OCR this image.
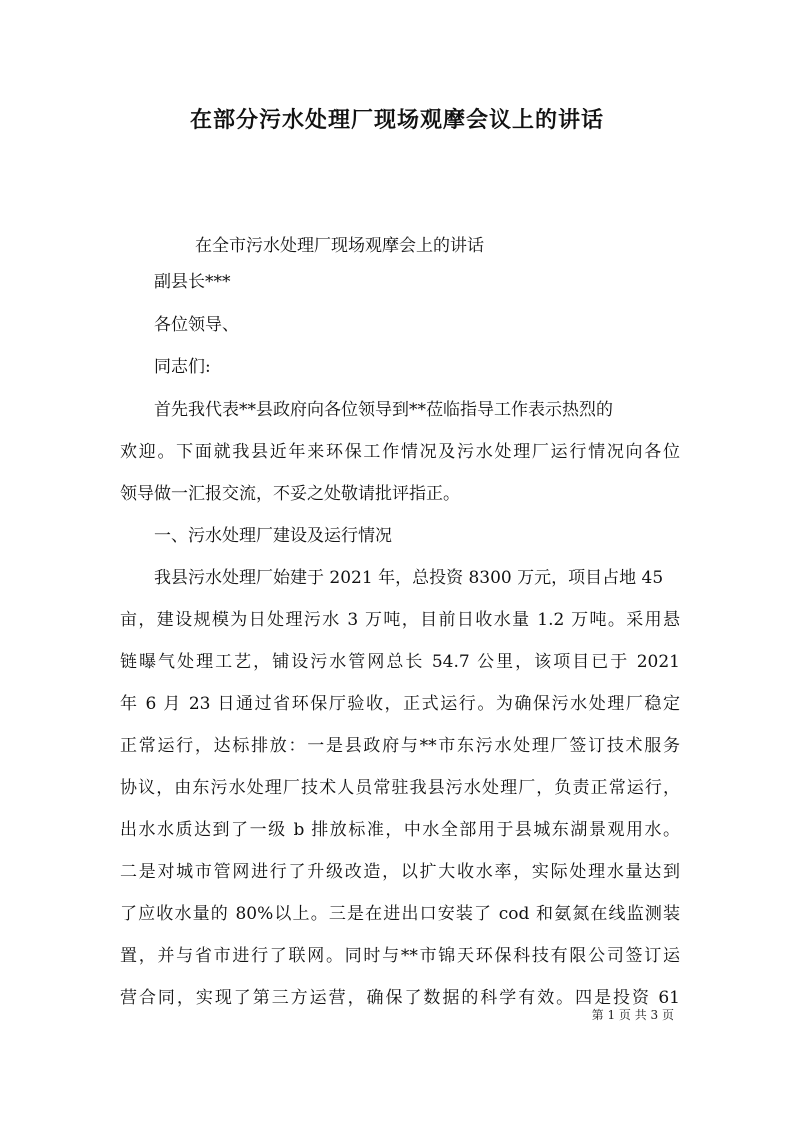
在部分污水处理厂现场观摩会议上的讲话
在全市污水处理厂现场观摩会上的讲话
副县长***
各位领导、
同志们:
首先我代表**县政府向各位领导到**莅临指导工作表示热烈的
欢迎。下面就我县近年来环保工作情况及污水处理厂运行情况向各位
领导做一汇报交流，不妥之处敬请批评指正。
一、污水处理厂建设及运行情况
我县污水处理厂始建于 2021 年，总投资 8300 万元，项目占地 45
亩，建设规模为日处理污水 3 万吨，目前日收水量 1.2 万吨。采用悬
链曝气处理工艺，铺设污水管网总长 54.7 公里，该项目已于 2021
年 6 月 23 日通过省环保厅验收，正式运行。为确保污水处理厂稳定
正常运行，达标排放：一是县政府与**市东污水处理厂签订技术服务
协议，由东污水处理厂技术人员常驻我县污水处理厂，负责正常运行，
出水水质达到了一级 b 排放标准，中水全部用于县城东湖景观用水。
二是对城市管网进行了升级改造，以扩大收水率，实际处理水量达到
了应收水量的 80%以上。三是在进出口安装了 cod 和氨氮在线监测装
置，并与省市进行了联网。同时与**市锦天环保科技有限公司签订运
营合同，实现了第三方运营，确保了数据的科学有效。四是投资 61
第 1 页 共 3 页
